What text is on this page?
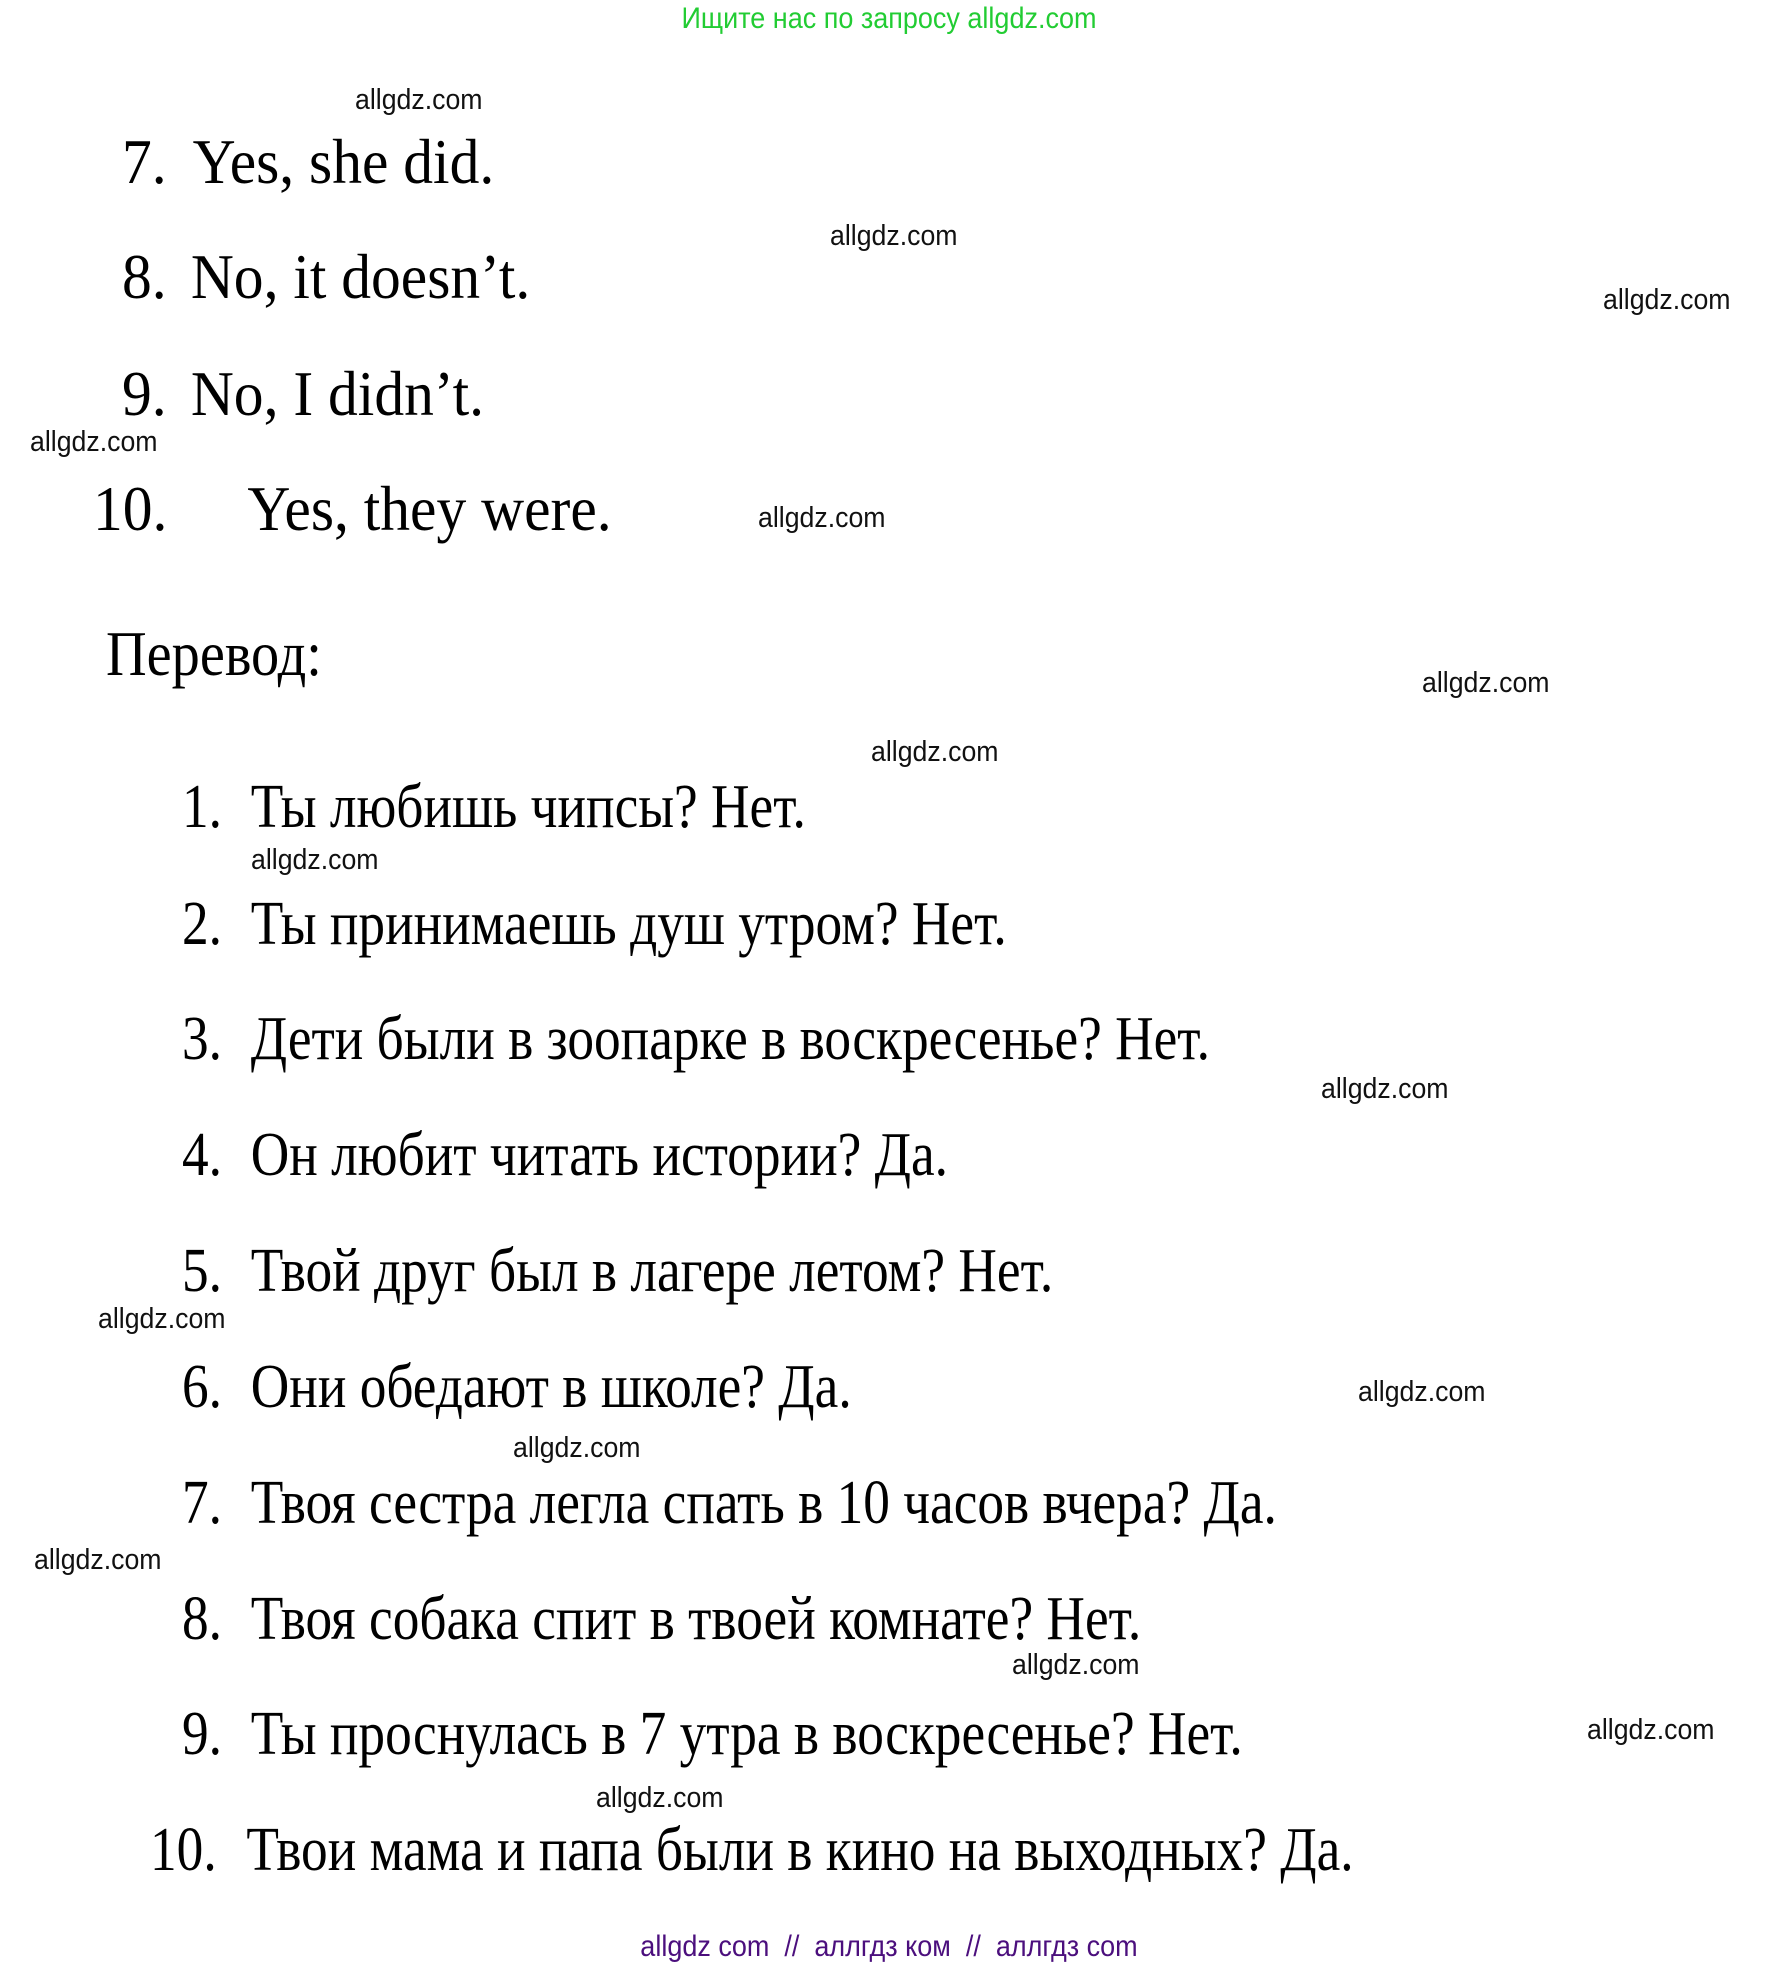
Ищите нас по запросу allgdz.com
7. Yes, she did.
8. No, it doesn’t.
9. No, I didn’t.
10. Yes, they were.
Перевод:
1. Ты любишь чипсы? Нет.
2. Ты принимаешь душ утром? Нет.
3. Дети были в зоопарке в воскресенье? Нет.
4. Он любит читать истории? Да.
5. Твой друг был в лагере летом? Нет.
6. Они обедают в школе? Да.
7. Твоя сестра легла спать в 10 часов вчера? Да.
8. Твоя собака спит в твоей комнате? Нет.
9. Ты проснулась в 7 утра в воскресенье? Нет.
10. Твои мама и папа были в кино на выходных? Да.
allgdz.com
allgdz.com
allgdz.com
allgdz.com
allgdz.com
allgdz.com
allgdz.com
allgdz.com
allgdz.com
allgdz.com
allgdz.com
allgdz.com
allgdz.com
allgdz.com
allgdz.com
allgdz.com
allgdz com  //  аллгдз ком  //  аллгдз com
